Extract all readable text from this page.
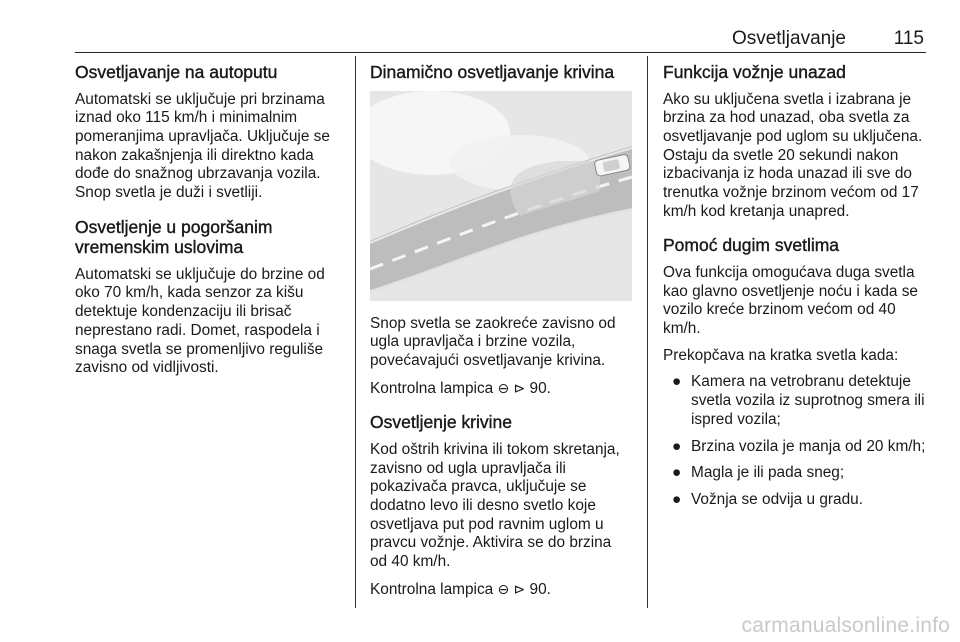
Osvetljavanje	115
Osvetljavanje na autoputu

Automatski se uključuje pri brzinama iznad oko 115 km/h i minimalnim pomeranjima upravljača. Uključuje se nakon zakašnjenja ili direktno kada dođe do snažnog ubrzavanja vozila. Snop svetla je duži i svetliji.

Osvetljenje u pogoršanim vremenskim uslovima

Automatski se uključuje do brzine od oko 70 km/h, kada senzor za kišu detektuje kondenzaciju ili brisač neprestano radi. Domet, raspodela i snaga svetla se promenljivo reguliše zavisno od vidljivosti.

Dinamično osvetljavanje krivina

Snop svetla se zaokreće zavisno od ugla upravljača i brzine vozila, povećavajući osvetljavanje krivina.

Kontrolna lampica ⊖ ⊳ 90.

Osvetljenje krivine

Kod oštrih krivina ili tokom skretanja, zavisno od ugla upravljača ili pokazivača pravca, uključuje se dodatno levo ili desno svetlo koje osvetljava put pod ravnim uglom u pravcu vožnje. Aktivira se do brzina od 40 km/h.

Kontrolna lampica ⊖ ⊳ 90.

Funkcija vožnje unazad

Ako su uključena svetla i izabrana je brzina za hod unazad, oba svetla za osvetljavanje pod uglom su uključena. Ostaju da svetle 20 sekundi nakon izbacivanja iz hoda unazad ili sve do trenutka vožnje brzinom većom od 17 km/h kod kretanja unapred.

Pomoć dugim svetlima

Ova funkcija omogućava duga svetla kao glavno osvetljenje noću i kada se vozilo kreće brzinom većom od 40 km/h.

Prekopčava na kratka svetla kada:

● Kamera na vetrobranu detektuje svetla vozila iz suprotnog smera ili ispred vozila;
● Brzina vozila je manja od 20 km/h;
● Magla je ili pada sneg;
● Vožnja se odvija u gradu.
carmanualsonline.info
